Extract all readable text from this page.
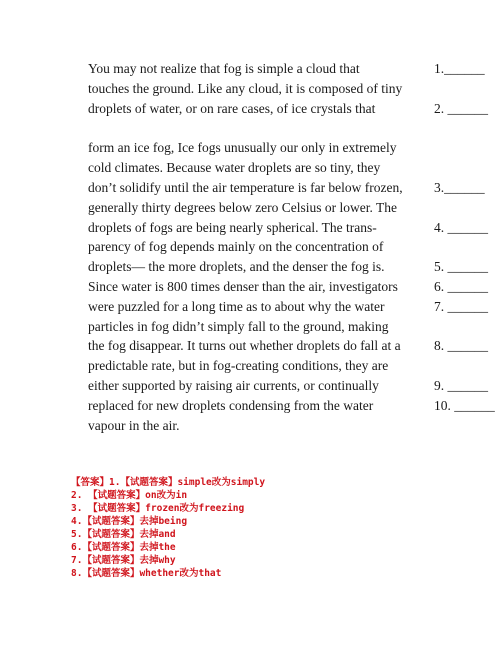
You may not realize that fog is simple a cloud that
touches the ground. Like any cloud, it is composed of tiny
droplets of water, or on rare cases, of ice crystals that
form an ice fog, Ice fogs unusually our only in extremely
cold climates. Because water droplets are so tiny, they
don’t solidify until the air temperature is far below frozen,
generally thirty degrees below zero Celsius or lower. The
droplets of fogs are being nearly spherical. The trans-
parency of fog depends mainly on the concentration of
droplets— the more droplets, and the denser the fog is.
Since water is 800 times denser than the air, investigators
were puzzled for a long time as to about why the water
particles in fog didn’t simply fall to the ground, making
the fog disappear. It turns out whether droplets do fall at a
predictable rate, but in fog-creating conditions, they are
either supported by raising air currents, or continually
replaced for new droplets condensing from the water
vapour in the air.
1.______
2. ______
3.______
4. ______
5. ______
6. ______
7. ______
8. ______
9. ______
10. ______
【答案】1.【试题答案】simple改为simply
2. 【试题答案】on改为in
3. 【试题答案】frozen改为freezing
4.【试题答案】去掉being
5.【试题答案】去掉and
6.【试题答案】去掉the
7.【试题答案】去掉why
8.【试题答案】whether改为that
